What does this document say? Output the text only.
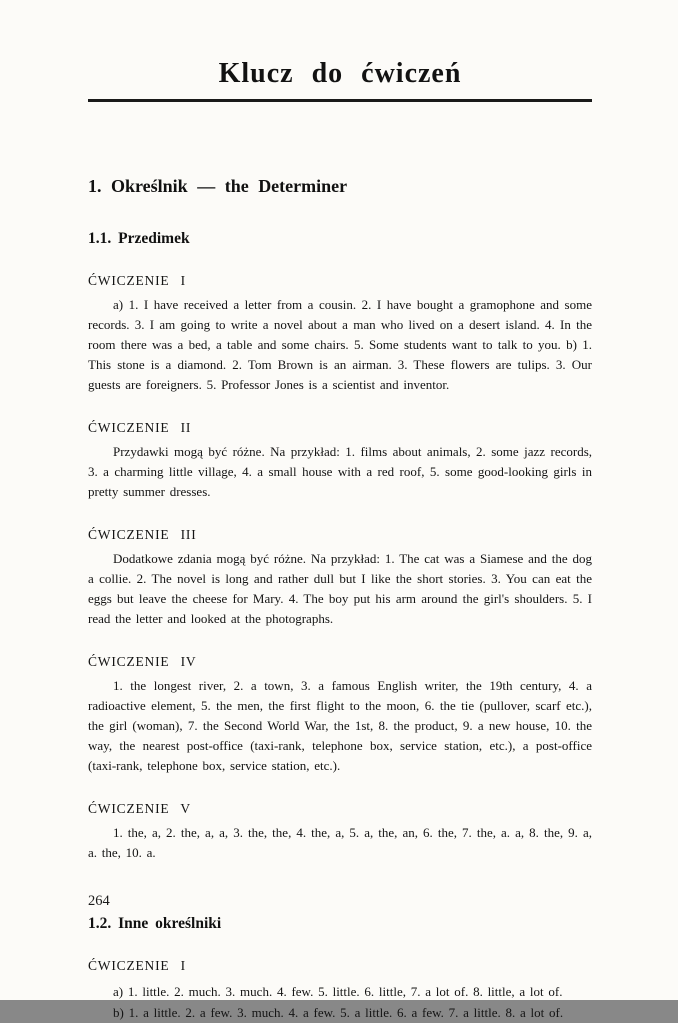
Klucz do ćwiczeń
1. Określnik — the Determiner
1.1. Przedimek
ĆWICZENIE I

a) 1. I have received a letter from a cousin. 2. I have bought a gramophone and some records. 3. I am going to write a novel about a man who lived on a desert island. 4. In the room there was a bed, a table and some chairs. 5. Some students want to talk to you. b) 1. This stone is a diamond. 2. Tom Brown is an airman. 3. These flowers are tulips. 3. Our guests are foreigners. 5. Professor Jones is a scientist and inventor.

ĆWICZENIE II

Przydawki mogą być różne. Na przykład: 1. films about animals, 2. some jazz records, 3. a charming little village, 4. a small house with a red roof, 5. some good-looking girls in pretty summer dresses.

ĆWICZENIE III

Dodatkowe zdania mogą być różne. Na przykład: 1. The cat was a Siamese and the dog a collie. 2. The novel is long and rather dull but I like the short stories. 3. You can eat the eggs but leave the cheese for Mary. 4. The boy put his arm around the girl's shoulders. 5. I read the letter and looked at the photographs.

ĆWICZENIE IV

1. the longest river, 2. a town, 3. a famous English writer, the 19th century, 4. a radioactive element, 5. the men, the first flight to the moon, 6. the tie (pullover, scarf etc.), the girl (woman), 7. the Second World War, the 1st, 8. the product, 9. a new house, 10. the way, the nearest post-office (taxi-rank, telephone box, service station, etc.), a post-office (taxi-rank, telephone box, service station, etc.).

ĆWICZENIE V

1. the, a, 2. the, a, a, 3. the, the, 4. the, a, 5. a, the, an, 6. the, 7. the, a. a, 8. the, 9. a, a. the, 10. a.

1.2. Inne określniki
ĆWICZENIE I

a) 1. little. 2. much. 3. much. 4. few. 5. little. 6. little, 7. a lot of. 8. little, a lot of.

b) 1. a little. 2. a few. 3. much. 4. a few. 5. a little. 6. a few. 7. a little. 8. a lot of.

264
